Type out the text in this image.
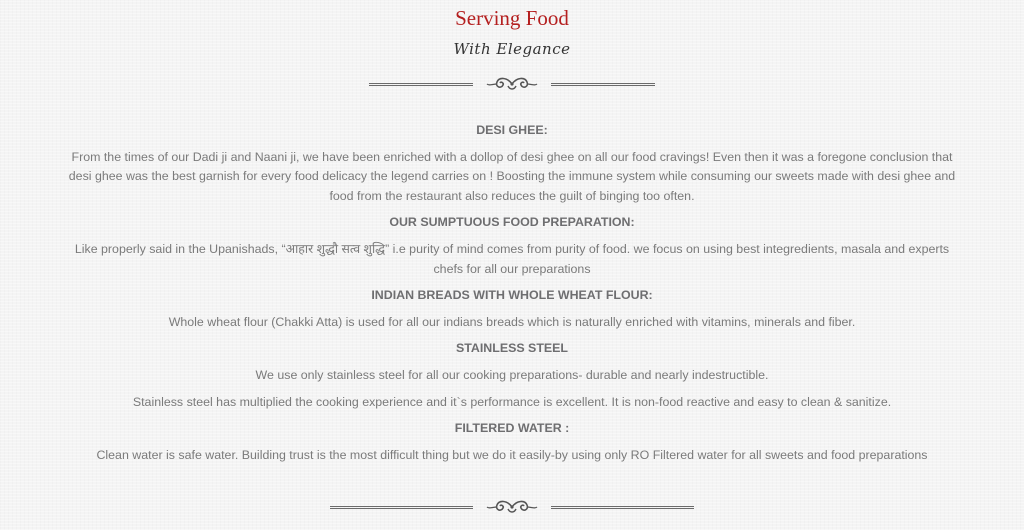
Serving Food
With Elegance
DESI GHEE:

From the times of our Dadi ji and Naani ji, we have been enriched with a dollop of desi ghee on all our food cravings! Even then it was a foregone conclusion that desi ghee was the best garnish for every food delicacy the legend carries on ! Boosting the immune system while consuming our sweets made with desi ghee and food from the restaurant also reduces the guilt of binging too often.

OUR SUMPTUOUS FOOD PREPARATION:

Like properly said in the Upanishads, “आहार शुद्धौ सत्व शुद्धि” i.e purity of mind comes from purity of food. we focus on using best integredients, masala and experts chefs for all our preparations

INDIAN BREADS WITH WHOLE WHEAT FLOUR:

Whole wheat flour (Chakki Atta) is used for all our indians breads which is naturally enriched with vitamins, minerals and fiber.

STAINLESS STEEL

We use only stainless steel for all our cooking preparations- durable and nearly indestructible.

Stainless steel has multiplied the cooking experience and it`s performance is excellent. It is non-food reactive and easy to clean & sanitize.

FILTERED WATER :

Clean water is safe water. Building trust is the most difficult thing but we do it easily-by using only RO Filtered water for all sweets and food preparations
